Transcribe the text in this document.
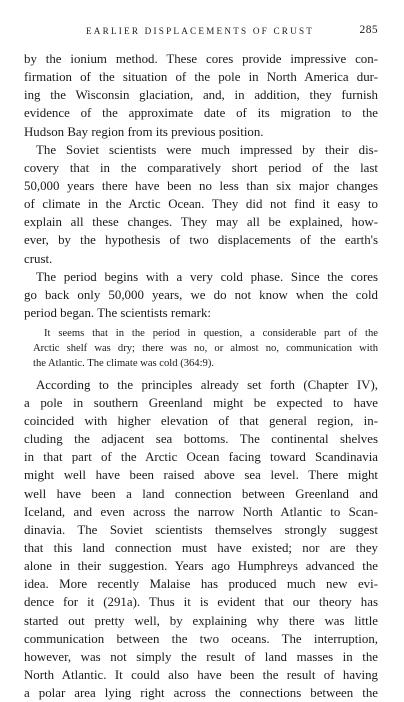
EARLIER DISPLACEMENTS OF CRUST	285
by the ionium method. These cores provide impressive con-
firmation of the situation of the pole in North America dur-
ing the Wisconsin glaciation, and, in addition, they furnish
evidence of the approximate date of its migration to the
Hudson Bay region from its previous position.
The Soviet scientists were much impressed by their dis-
covery that in the comparatively short period of the last
50,000 years there have been no less than six major changes
of climate in the Arctic Ocean. They did not find it easy to
explain all these changes. They may all be explained, how-
ever, by the hypothesis of two displacements of the earth's
crust.
The period begins with a very cold phase. Since the cores
go back only 50,000 years, we do not know when the cold
period began. The scientists remark:
It seems that in the period in question, a considerable part of the
Arctic shelf was dry; there was no, or almost no, communication with
the Atlantic. The climate was cold (364:9).
According to the principles already set forth (Chapter IV),
a pole in southern Greenland might be expected to have
coincided with higher elevation of that general region, in-
cluding the adjacent sea bottoms. The continental shelves
in that part of the Arctic Ocean facing toward Scandinavia
might well have been raised above sea level. There might
well have been a land connection between Greenland and
Iceland, and even across the narrow North Atlantic to Scan-
dinavia. The Soviet scientists themselves strongly suggest
that this land connection must have existed; nor are they
alone in their suggestion. Years ago Humphreys advanced the
idea. More recently Malaise has produced much new evi-
dence for it (291a). Thus it is evident that our theory has
started out pretty well, by explaining why there was little
communication between the two oceans. The interruption,
however, was not simply the result of land masses in the
North Atlantic. It could also have been the result of having
a polar area lying right across the connections between the
